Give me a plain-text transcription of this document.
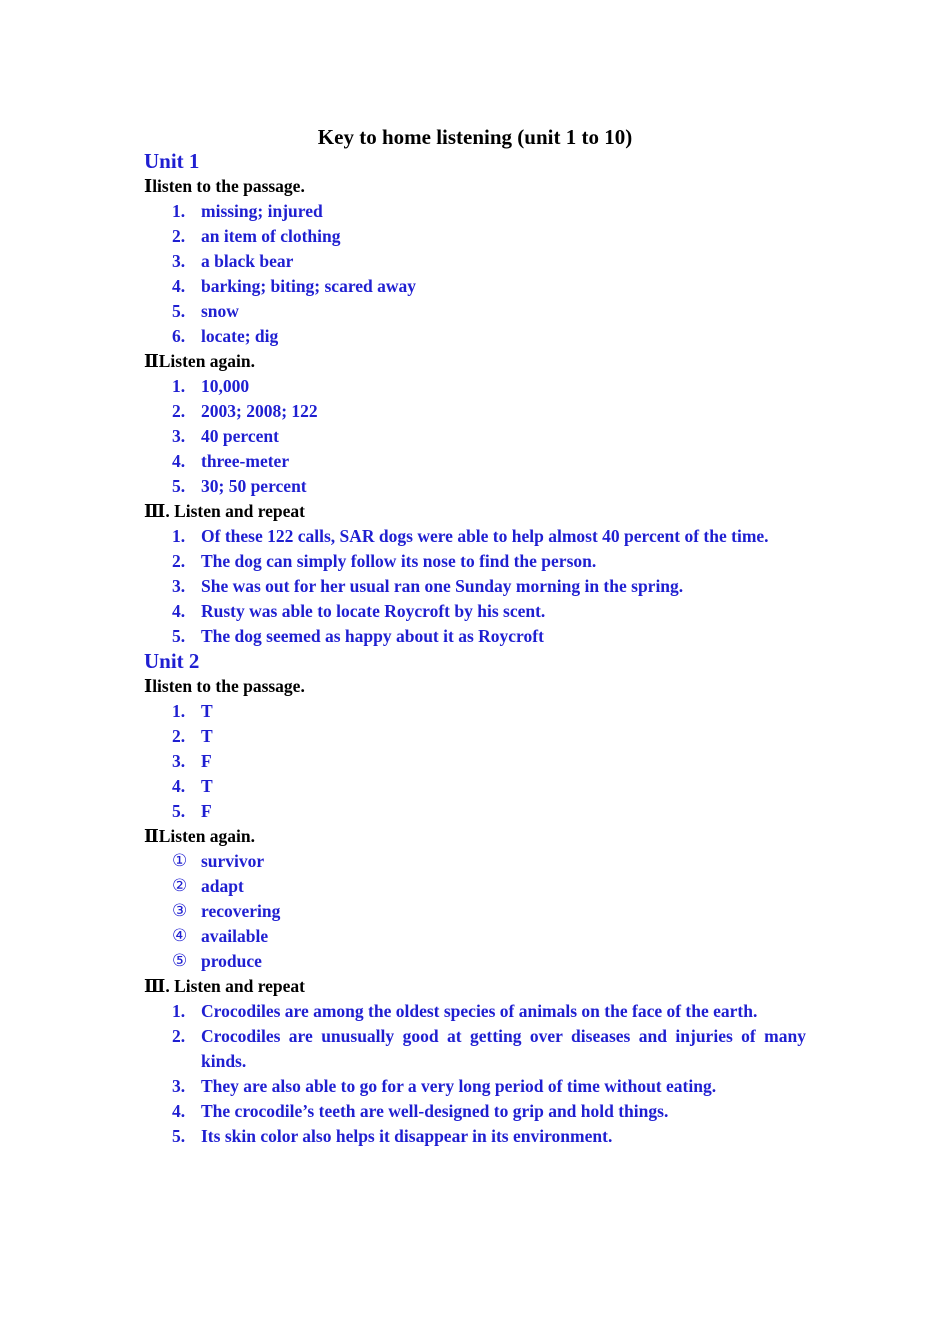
Key to home listening (unit 1 to 10)
Unit 1
Ⅰlisten to the passage.
1. missing; injured
2. an item of clothing
3. a black bear
4. barking; biting; scared away
5. snow
6. locate; dig
ⅡListen again.
1. 10,000
2. 2003; 2008; 122
3. 40 percent
4. three-meter
5. 30; 50 percent
Ⅲ. Listen and repeat
1. Of these 122 calls, SAR dogs were able to help almost 40 percent of the time.
2. The dog can simply follow its nose to find the person.
3. She was out for her usual ran one Sunday morning in the spring.
4. Rusty was able to locate Roycroft by his scent.
5. The dog seemed as happy about it as Roycroft
Unit 2
Ⅰlisten to the passage.
1. T
2. T
3. F
4. T
5. F
ⅡListen again.
① survivor
② adapt
③ recovering
④ available
⑤ produce
Ⅲ. Listen and repeat
1. Crocodiles are among the oldest species of animals on the face of the earth.
2. Crocodiles are unusually good at getting over diseases and injuries of many kinds.
3. They are also able to go for a very long period of time without eating.
4. The crocodile’s teeth are well-designed to grip and hold things.
5. Its skin color also helps it disappear in its environment.
